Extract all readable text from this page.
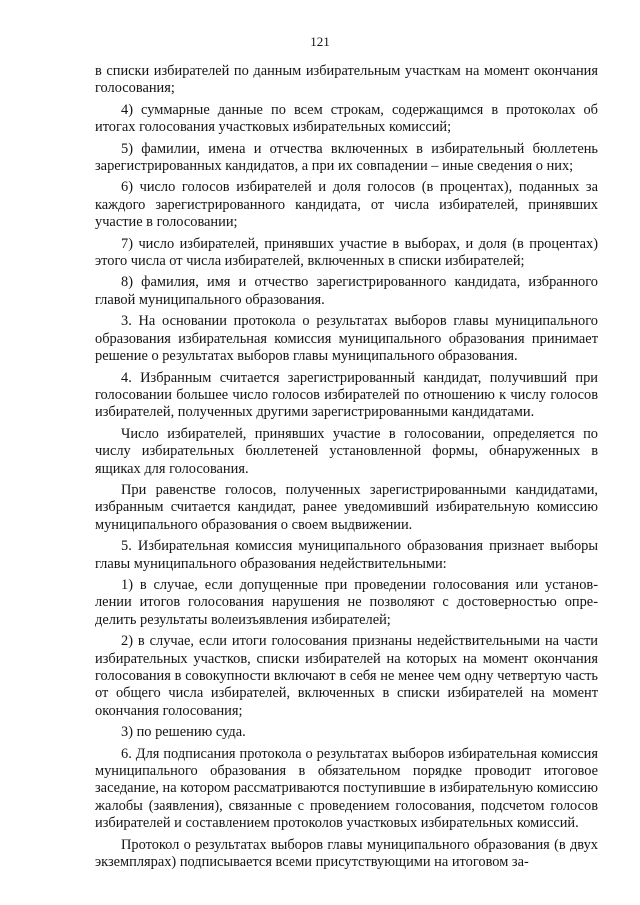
121

в списки избирателей по данным избирательным участкам на момент окончания голосования;

4) суммарные данные по всем строкам, содержащимся в протоколах об итогах голосования участковых избирательных комиссий;

5) фамилии, имена и отчества включенных в избирательный бюллетень зарегистрированных кандидатов, а при их совпадении – иные сведения о них;

6) число голосов избирателей и доля голосов (в процентах), поданных за каждого зарегистрированного кандидата, от числа избирателей, принявших участие в голосовании;

7) число избирателей, принявших участие в выборах, и доля (в процентах) этого числа от числа избирателей, включенных в списки избирателей;

8) фамилия, имя и отчество зарегистрированного кандидата, избранного главой муниципального образования.

3. На основании протокола о результатах выборов главы муниципального образования избирательная комиссия муниципального образования принимает решение о результатах выборов главы муниципального образования.

4. Избранным считается зарегистрированный кандидат, получивший при голосовании большее число голосов избирателей по отношению к числу голосов избирателей, полученных другими зарегистрированными кандидатами.

Число избирателей, принявших участие в голосовании, определяется по числу избирательных бюллетеней установленной формы, обнаруженных в ящиках для голосования.

При равенстве голосов, полученных зарегистрированными кандидатами, избранным считается кандидат, ранее уведомивший избирательную комиссию муниципального образования о своем выдвижении.

5. Избирательная комиссия муниципального образования признает выборы главы муниципального образования недействительными:

1) в случае, если допущенные при проведении голосования или установлении итогов голосования нарушения не позволяют с достоверностью определить результаты волеизъявления избирателей;

2) в случае, если итоги голосования признаны недействительными на части избирательных участков, списки избирателей на которых на момент окончания голосования в совокупности включают в себя не менее чем одну четвертую часть от общего числа избирателей, включенных в списки избирателей на момент окончания голосования;

3) по решению суда.

6. Для подписания протокола о результатах выборов избирательная комиссия муниципального образования в обязательном порядке проводит итоговое заседание, на котором рассматриваются поступившие в избирательную комиссию жалобы (заявления), связанные с проведением голосования, подсчетом голосов избирателей и составлением протоколов участковых избирательных комиссий.

Протокол о результатах выборов главы муниципального образования (в двух экземплярах) подписывается всеми присутствующими на итоговом за-
